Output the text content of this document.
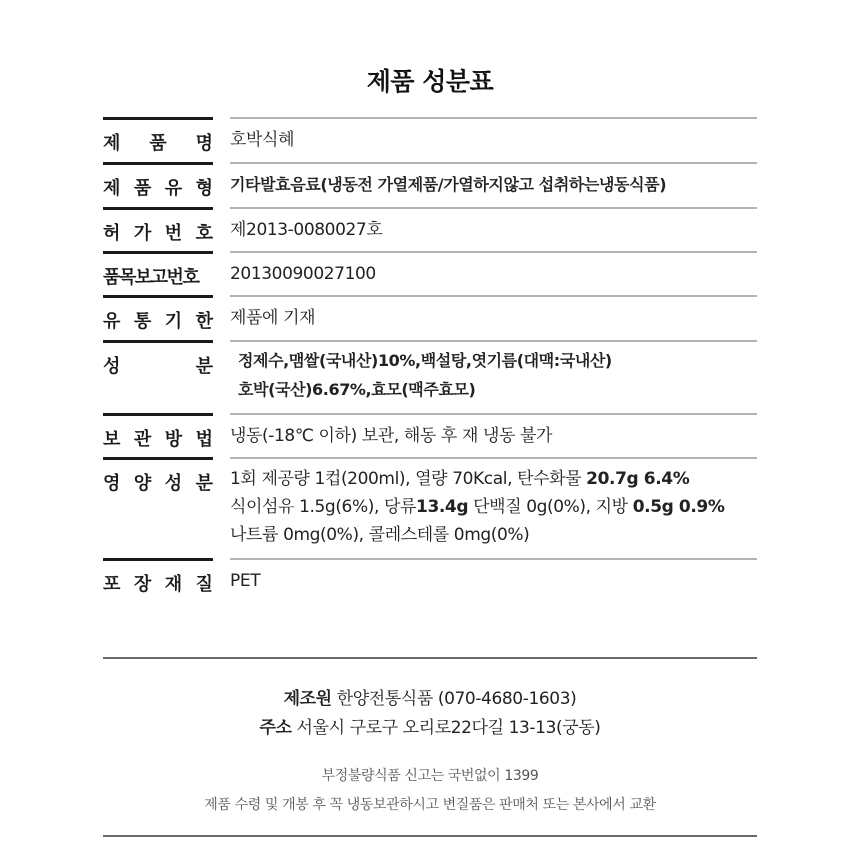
제품 성분표
제 품 명 호박식혜
제 품 유 형 기타발효음료(냉동전 가열제품/가열하지않고 섭취하는냉동식품)
허 가 번 호 제2013-0080027호
품목보고번호	20130090027100
유 통 기 한 제품에 기재
성	분 정제수,맴쌀(국내산)10%,백설탕,엿기름(대맥:국내산)
호박(국산)6.67%,효모(맥주효모)
보 관 방 법 냉동(-18℃ 이하) 보관, 해동 후 재 냉동 불가
영 양 성 분 1회 제공량 1컵(200ml), 열량 70Kcal, 탄수화물 20.7g 6.4%
식이섬유 1.5g(6%), 당류13.4g 단백질 0g(0%), 지방 0.5g 0.9%
나트륨 0mg(0%), 콜레스테롤 0mg(0%)
포 장 재 질 PET
제조원 한양전통식품 (070-4680-1603)
주소 서울시 구로구 오리로22다길 13-13(궁동)
부정불량식품 신고는 국번없이 1399
제품 수령 및 개봉 후 꼭 냉동보관하시고 변질품은 판매처 또는 본사에서 교환
